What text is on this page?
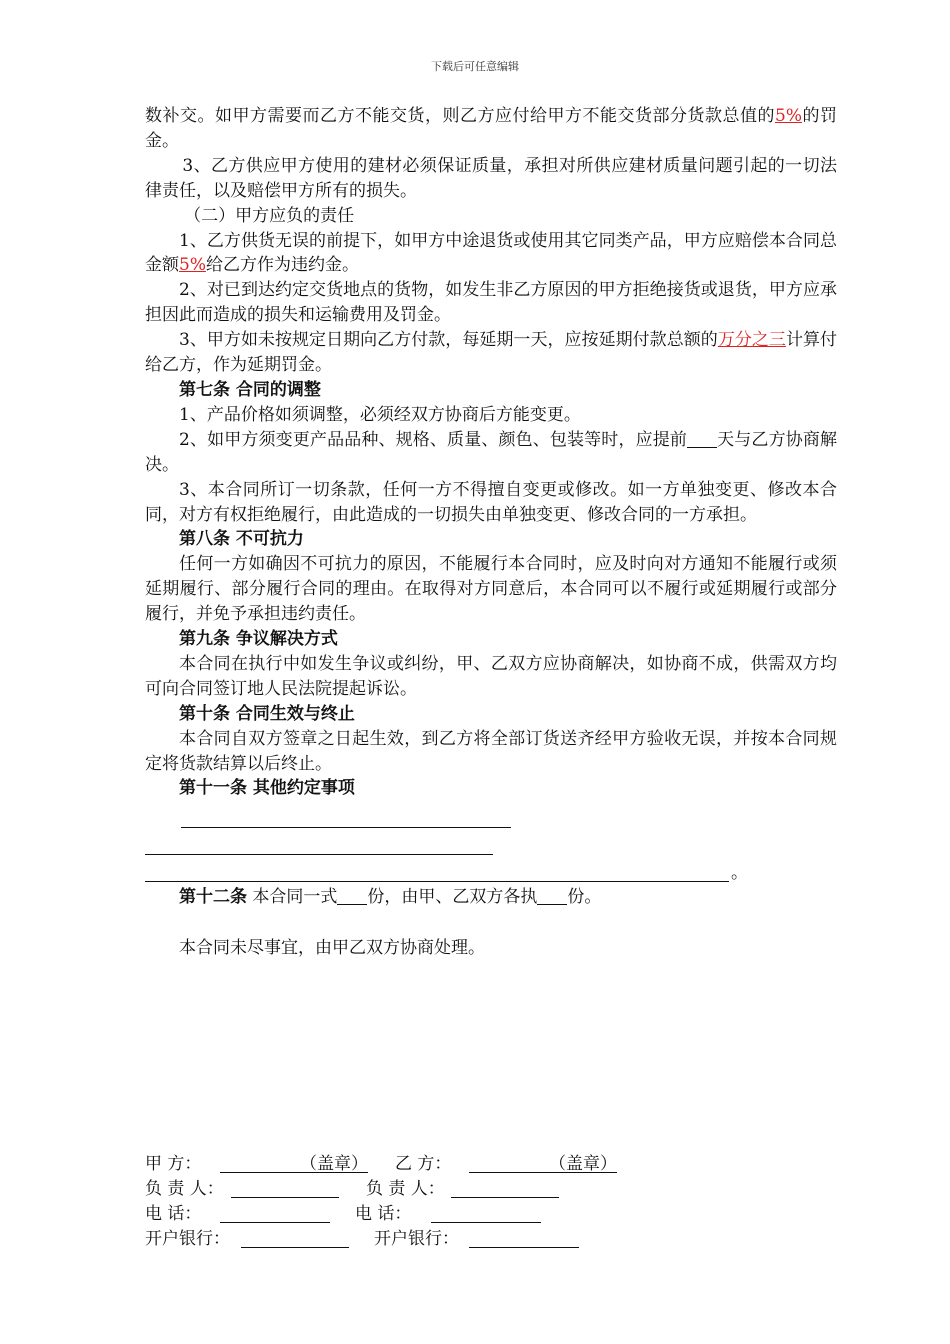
下载后可任意编辑

数补交。如甲方需要而乙方不能交货，则乙方应付给甲方不能交货部分货款总值的5%的罚金。

3、乙方供应甲方使用的建材必须保证质量，承担对所供应建材质量问题引起的一切法律责任，以及赔偿甲方所有的损失。

（二）甲方应负的责任

1、乙方供货无误的前提下，如甲方中途退货或使用其它同类产品，甲方应赔偿本合同总金额5%给乙方作为违约金。

2、对已到达约定交货地点的货物，如发生非乙方原因的甲方拒绝接货或退货，甲方应承担因此而造成的损失和运输费用及罚金。

3、甲方如未按规定日期向乙方付款，每延期一天，应按延期付款总额的万分之三计算付给乙方，作为延期罚金。

第七条 合同的调整

1、产品价格如须调整，必须经双方协商后方能变更。

2、如甲方须变更产品品种、规格、质量、颜色、包装等时，应提前 天与乙方协商解决。

3、本合同所订一切条款，任何一方不得擅自变更或修改。如一方单独变更、修改本合同，对方有权拒绝履行，由此造成的一切损失由单独变更、修改合同的一方承担。

第八条 不可抗力

任何一方如确因不可抗力的原因，不能履行本合同时，应及时向对方通知不能履行或须延期履行、部分履行合同的理由。在取得对方同意后，本合同可以不履行或延期履行或部分履行，并免予承担违约责任。

第九条 争议解决方式

本合同在执行中如发生争议或纠纷，甲、乙双方应协商解决，如协商不成，供需双方均可向合同签订地人民法院提起诉讼。

第十条 合同生效与终止

本合同自双方签章之日起生效，到乙方将全部订货送齐经甲方验收无误，并按本合同规定将货款结算以后终止。

第十一条 其他约定事项

。

第十二条 本合同一式 份，由甲、乙双方各执 份。

本合同未尽事宜，由甲乙双方协商处理。

甲 方：	（盖章） 乙 方：	（盖章）
负 责 人：	负 责 人：
电 话：	电 话：
开户银行：	开户银行：
